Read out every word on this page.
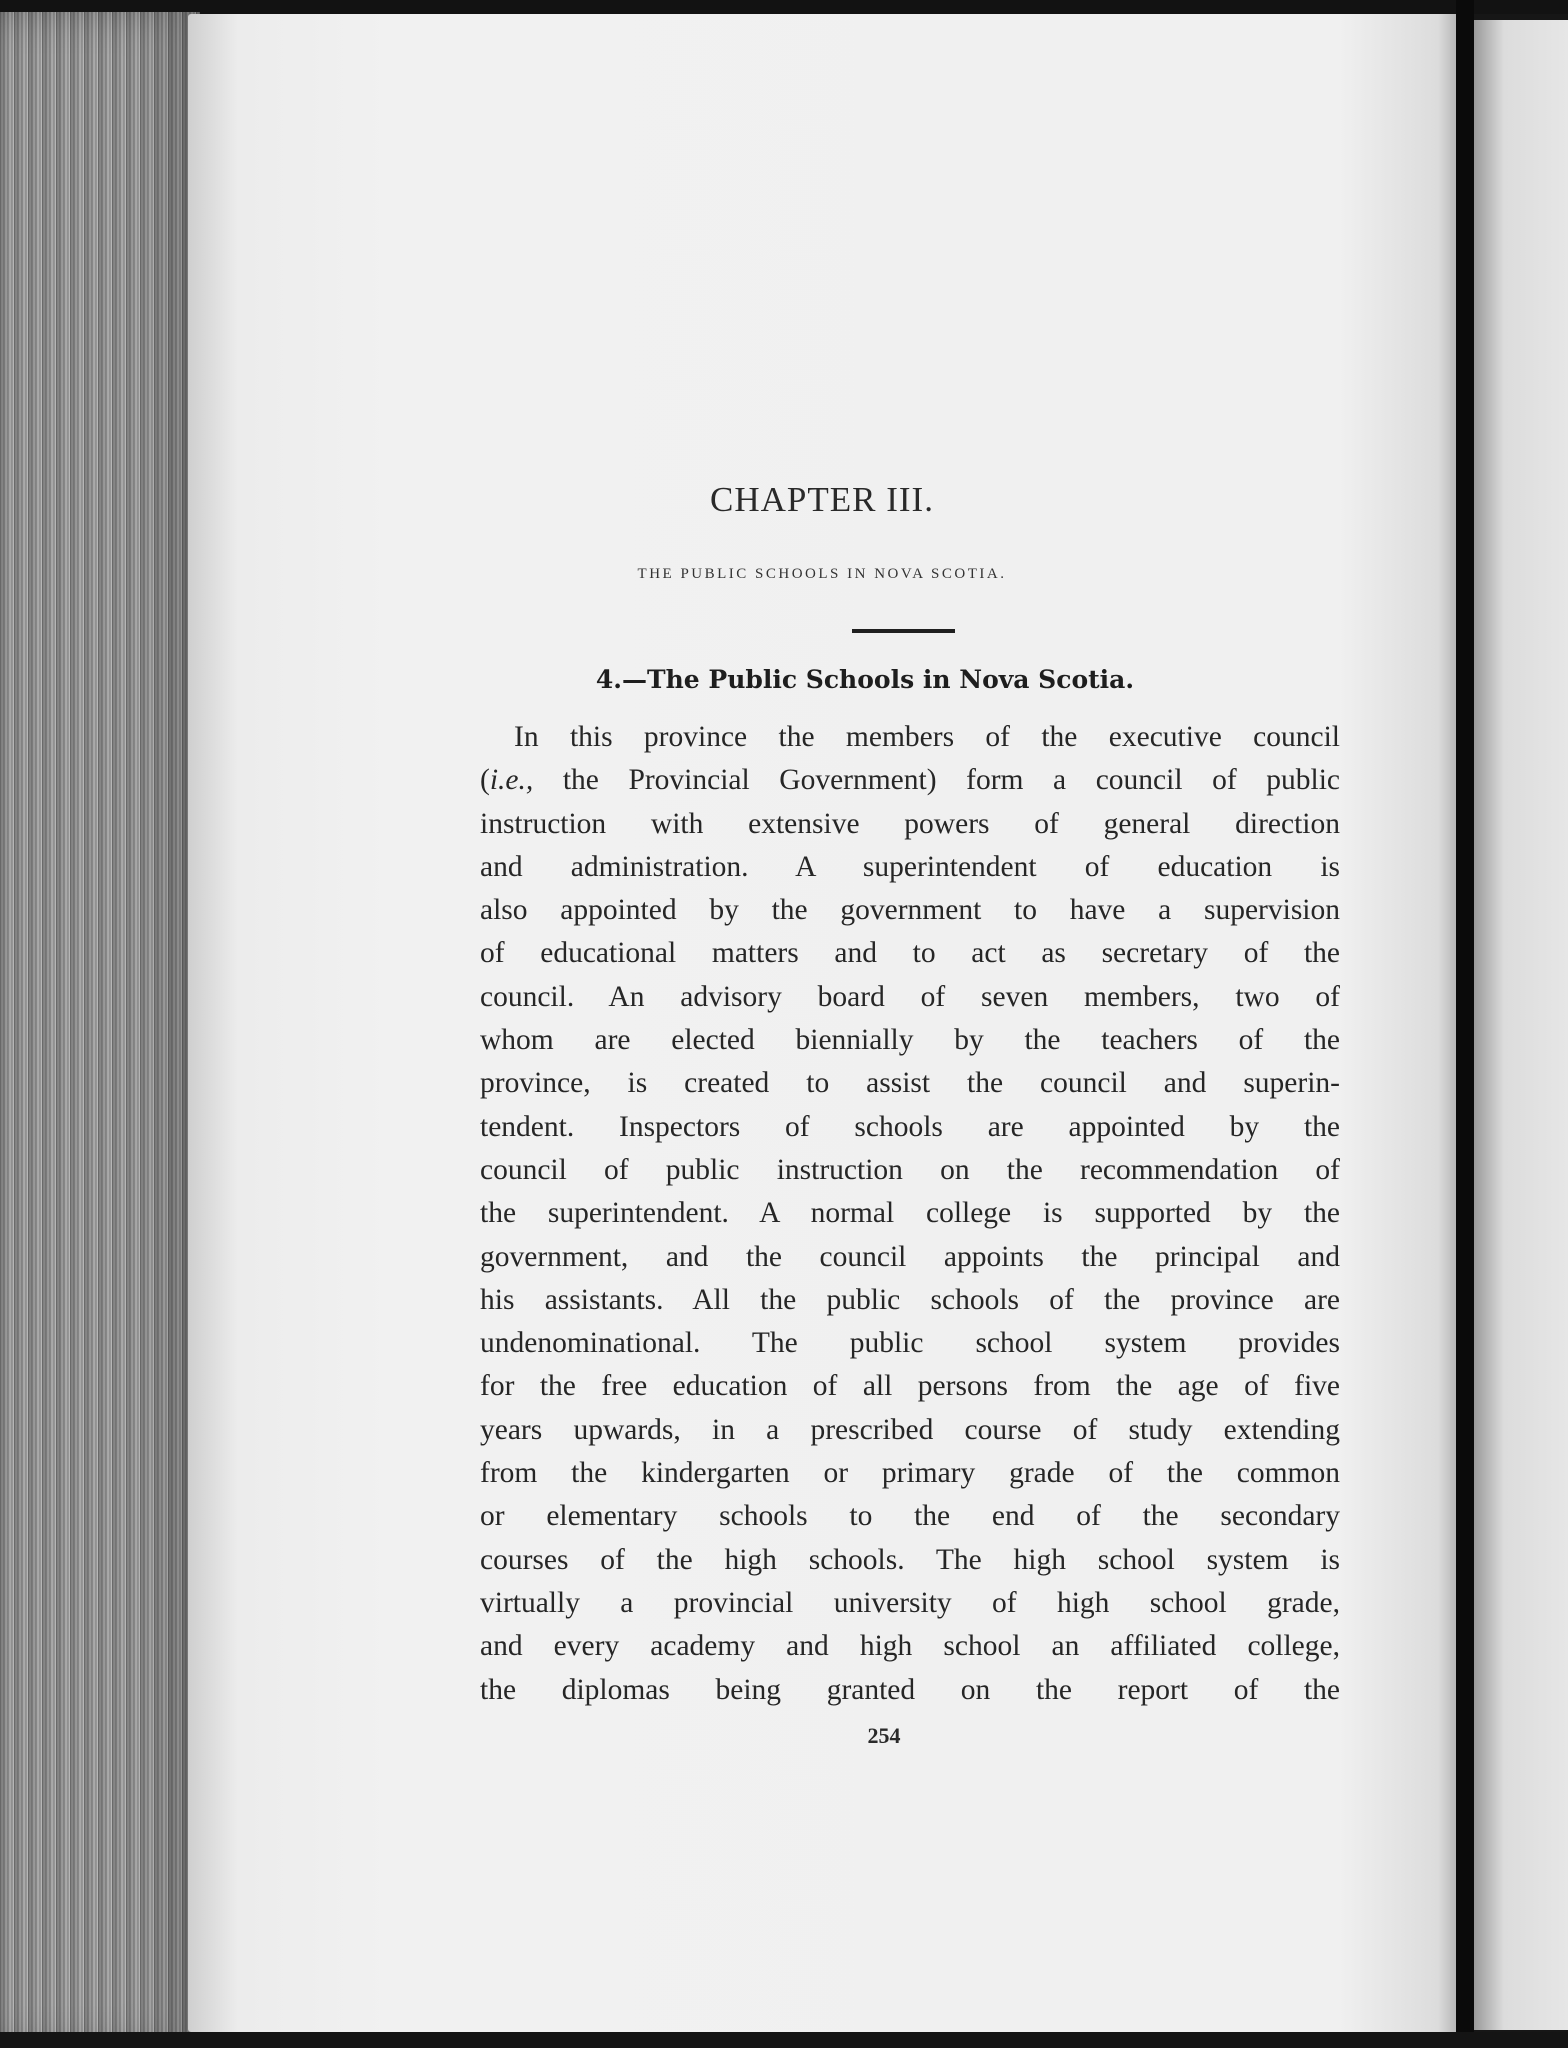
CHAPTER III.
THE PUBLIC SCHOOLS IN NOVA SCOTIA.
4.—The Public Schools in Nova Scotia.
In this province the members of the executive council
(i.e., the Provincial Government) form a council of public
instruction with extensive powers of general direction
and administration. A superintendent of education is
also appointed by the government to have a supervision
of educational matters and to act as secretary of the
council. An advisory board of seven members, two of
whom are elected biennially by the teachers of the
province, is created to assist the council and superin-
tendent. Inspectors of schools are appointed by the
council of public instruction on the recommendation of
the superintendent. A normal college is supported by the
government, and the council appoints the principal and
his assistants. All the public schools of the province are
undenominational. The public school system provides
for the free education of all persons from the age of five
years upwards, in a prescribed course of study extending
from the kindergarten or primary grade of the common
or elementary schools to the end of the secondary
courses of the high schools. The high school system is
virtually a provincial university of high school grade,
and every academy and high school an affiliated college,
the diplomas being granted on the report of the
254
